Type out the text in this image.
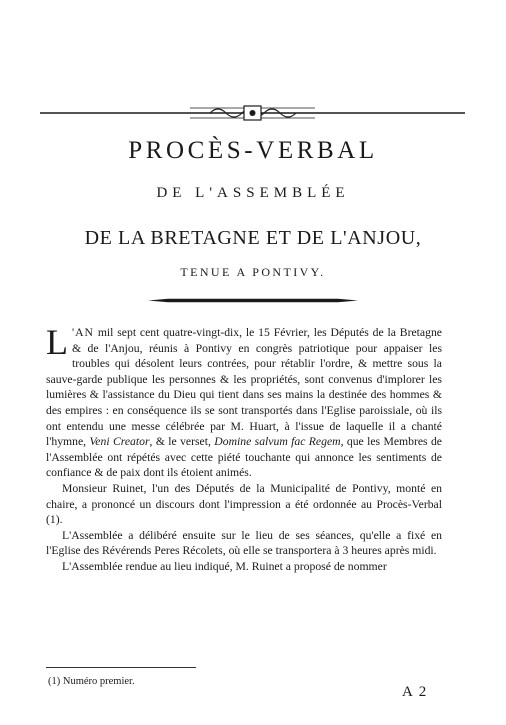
PROCÈS-VERBAL
DE L'ASSEMBLÉE
DE LA BRETAGNE ET DE L'ANJOU,
TENUE A PONTIVY.

L 'AN mil sept cent quatre-vingt-dix, le 15 Février, les Députés de la Bretagne & de l'Anjou, réunis à Pontivy en congrès patriotique pour appaiser les troubles qui désolent leurs contrées, pour rétablir l'ordre, & mettre sous la sauve-garde publique les personnes & les propriétés, sont convenus d'implorer les lumières & l'assistance du Dieu qui tient dans ses mains la destinée des hommes & des empires : en conséquence ils se sont transportés dans l'Eglise paroissiale, où ils ont entendu une messe célébrée par M. Huart, à l'issue de laquelle il a chanté l'hymne, Veni Creator, & le verset, Domine salvum fac Regem, que les Membres de l'Assemblée ont répétés avec cette piété touchante qui annonce les sentiments de confiance & de paix dont ils étoient animés.

Monsieur Ruinet, l'un des Députés de la Municipalité de Pontivy, monté en chaire, a prononcé un discours dont l'impression a été ordonnée au Procès-Verbal (1).

L'Assemblée a délibéré ensuite sur le lieu de ses séances, qu'elle a fixé en l'Eglise des Révérends Peres Récolets, où elle se transportera à 3 heures après midi.

L'Assemblée rendue au lieu indiqué, M. Ruinet a proposé de nommer

(1) Numéro premier.
A 2
